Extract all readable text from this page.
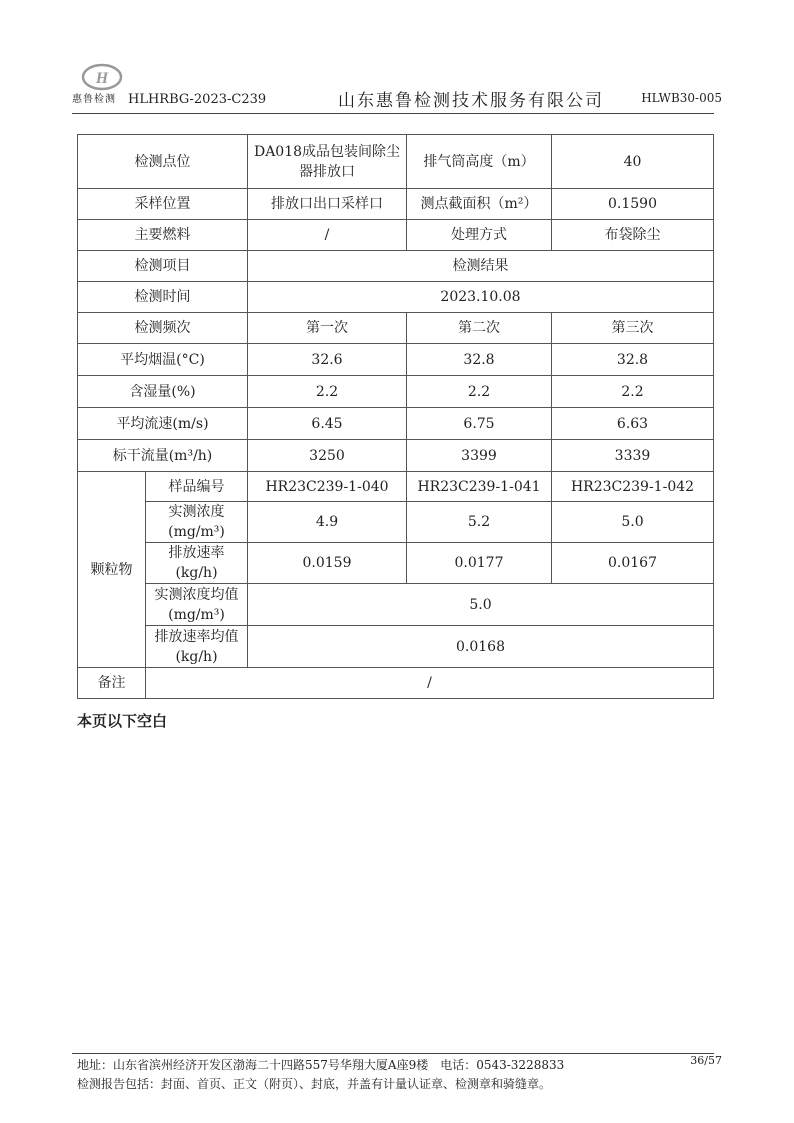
H
惠鲁检测 HLHRBG-2023-C239	山东惠鲁检测技术服务有限公司	HLWB30-005
检测点位		DA018成品包装间除尘器排放口	排气筒高度（m）	40
采样位置		排放口出口采样口	测点截面积（m²）	0.1590
主要燃料		/	处理方式	布袋除尘
检测项目		检测结果		
检测时间		2023.10.08		
检测频次		第一次	第二次	第三次
平均烟温(°C)		32.6	32.8	32.8
含湿量(%)		2.2	2.2	2.2
平均流速(m/s)		6.45	6.75	6.63
标干流量(m³/h)		3250	3399	3339
颗粒物	样品编号	HR23C239-1-040	HR23C239-1-041	HR23C239-1-042
	实测浓度(mg/m³)	4.9	5.2	5.0
	排放速率(kg/h)	0.0159	0.0177	0.0167
	实测浓度均值(mg/m³)	5.0		
	排放速率均值(kg/h)	0.0168		
备注	/			
本页以下空白
地址：山东省滨州经济开发区渤海二十四路557号华翔大厦A座9楼　电话：0543-3228833
检测报告包括：封面、首页、正文（附页）、封底，并盖有计量认证章、检测章和骑缝章。
36/57
